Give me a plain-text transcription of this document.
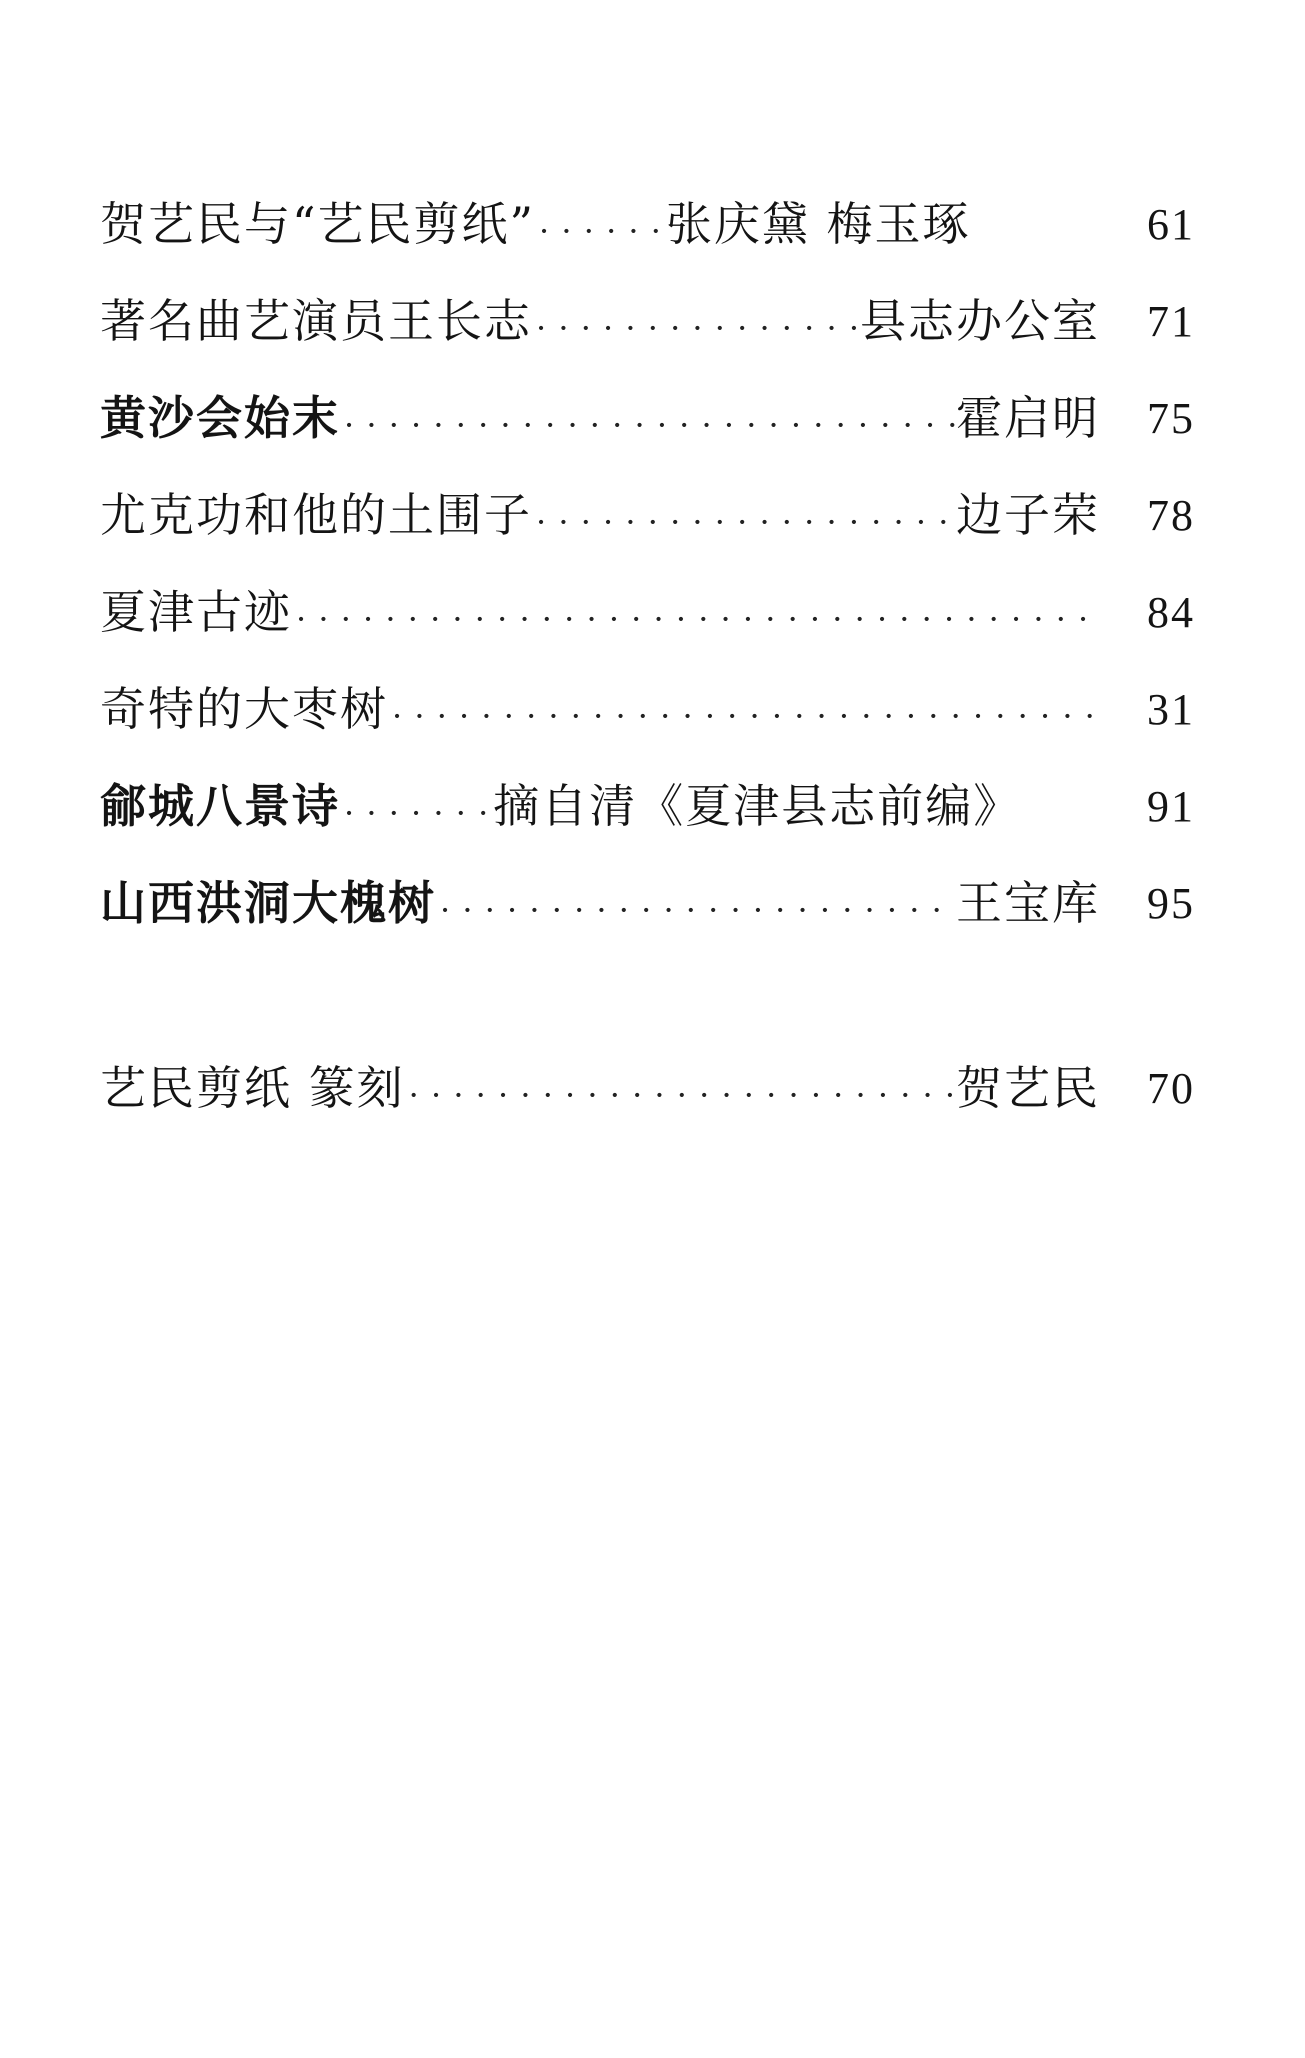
贺艺民与“艺民剪纸” · · ·	张庆黛 梅玉琢	61
著名曲艺演员王长志 · · ·	县志办公室	71
黄沙会始末 · · ·	霍启明	75
尤克功和他的土围子 · · ·	边子荣	78
夏津古迹 · · ·	84
奇特的大枣树 · · ·	31
鄃城八景诗 · · ·	摘自清《夏津县志前编》	91
山西洪洞大槐树 · · ·	王宝库	95
艺民剪纸 篆刻 · · ·	贺艺民	70
